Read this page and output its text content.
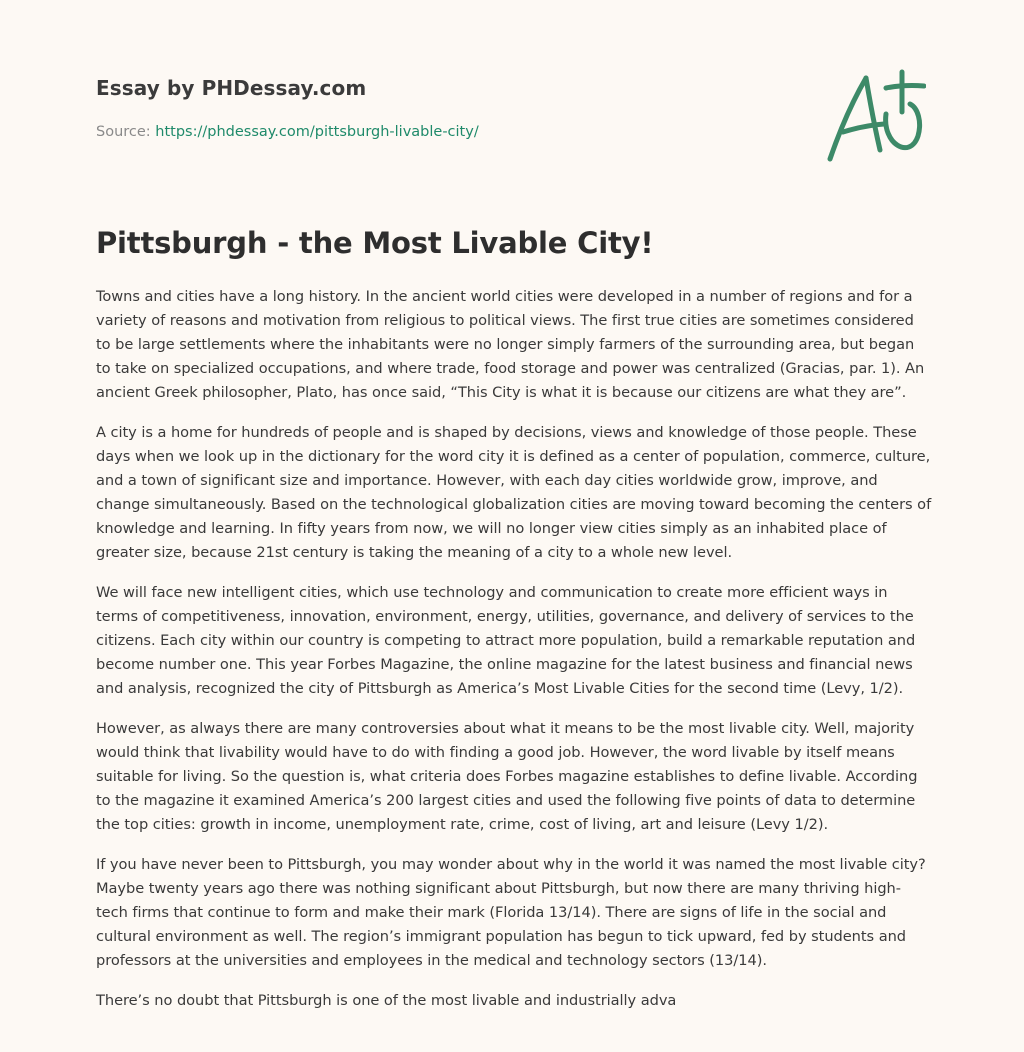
Essay by PHDessay.com

Source: https://phdessay.com/pittsburgh-livable-city/

Pittsburgh - the Most Livable City!

Towns and cities have a long history. In the ancient world cities were developed in a number of regions and for a variety of reasons and motivation from religious to political views. The first true cities are sometimes considered to be large settlements where the inhabitants were no longer simply farmers of the surrounding area, but began to take on specialized occupations, and where trade, food storage and power was centralized (Gracias, par. 1). An ancient Greek philosopher, Plato, has once said, “This City is what it is because our citizens are what they are”.

A city is a home for hundreds of people and is shaped by decisions, views and knowledge of those people. These days when we look up in the dictionary for the word city it is defined as a center of population, commerce, culture, and a town of significant size and importance. However, with each day cities worldwide grow, improve, and change simultaneously. Based on the technological globalization cities are moving toward becoming the centers of knowledge and learning. In fifty years from now, we will no longer view cities simply as an inhabited place of greater size, because 21st century is taking the meaning of a city to a whole new level.

We will face new intelligent cities, which use technology and communication to create more efficient ways in terms of competitiveness, innovation, environment, energy, utilities, governance, and delivery of services to the citizens. Each city within our country is competing to attract more population, build a remarkable reputation and become number one. This year Forbes Magazine, the online magazine for the latest business and financial news and analysis, recognized the city of Pittsburgh as America’s Most Livable Cities for the second time (Levy, 1/2).

However, as always there are many controversies about what it means to be the most livable city. Well, majority would think that livability would have to do with finding a good job. However, the word livable by itself means suitable for living. So the question is, what criteria does Forbes magazine establishes to define livable. According to the magazine it examined America’s 200 largest cities and used the following five points of data to determine the top cities: growth in income, unemployment rate, crime, cost of living, art and leisure (Levy 1/2).

If you have never been to Pittsburgh, you may wonder about why in the world it was named the most livable city? Maybe twenty years ago there was nothing significant about Pittsburgh, but now there are many thriving high-tech firms that continue to form and make their mark (Florida 13/14). There are signs of life in the social and cultural environment as well. The region’s immigrant population has begun to tick upward, fed by students and professors at the universities and employees in the medical and technology sectors (13/14).

There’s no doubt that Pittsburgh is one of the most livable and industrially adva
